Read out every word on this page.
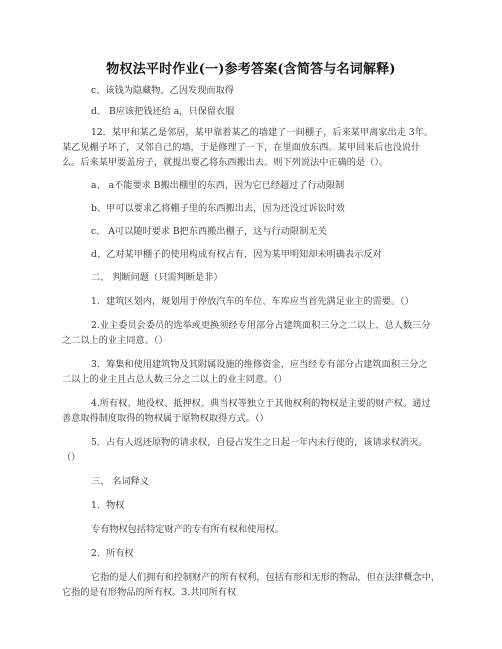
物权法平时作业(一)参考答案(含简答与名词解释)
c、该钱为隐藏物，乙因发现而取得
d、 B应该把钱还给 a，只保留衣服
12．某甲和某乙是邻居，某甲靠着某乙的墙建了一间棚子，后来某甲离家出走 3年。
某乙见棚子坏了，又邻自己的墙，于是修理了一下，在里面放东西。某甲回来后也没说什
么。后来某甲要盖房子，就提出要乙将东西搬出去。则下列说法中正确的是（）。
a、 a不能要求 B搬出棚里的东西，因为它已经超过了行动限制
b、甲可以要求乙将棚子里的东西搬出去，因为还没过诉讼时效
c、 A可以随时要求 B把东西搬出棚子，这与行动限制无关
d、乙对某甲棚子的使用构成有权占有，因为某甲明知却未明确表示反对
二、 判断问题（只需判断是非）
1．建筑区划内，规划用于停放汽车的车位、车库应当首先满足业主的需要。（）
2.业主委员会委员的选举或更换须经专用部分占建筑面积三分之二以上、总人数三分
之二以上的业主同意。（）
3．筹集和使用建筑物及其附属设施的维修资金，应当经专有部分占建筑面积三分之
二以上的业主且占总人数三分之二以上的业主同意。（）
4.所有权、地役权、抵押权、典当权等独立于其他权利的物权是主要的财产权。通过
善意取得制度取得的物权属于原物权取得方式。（）
5．占有人返还原物的请求权，自侵占发生之日起一年内未行使的，该请求权消灭。
（）
三、 名词释义
1．物权
专有物权包括特定财产的专有所有权和使用权。
2．所有权
它指的是人们拥有和控制财产的所有权利，包括有形和无形的物品，但在法律概念中，
它指的是有形物品的所有权。3.共同所有权
